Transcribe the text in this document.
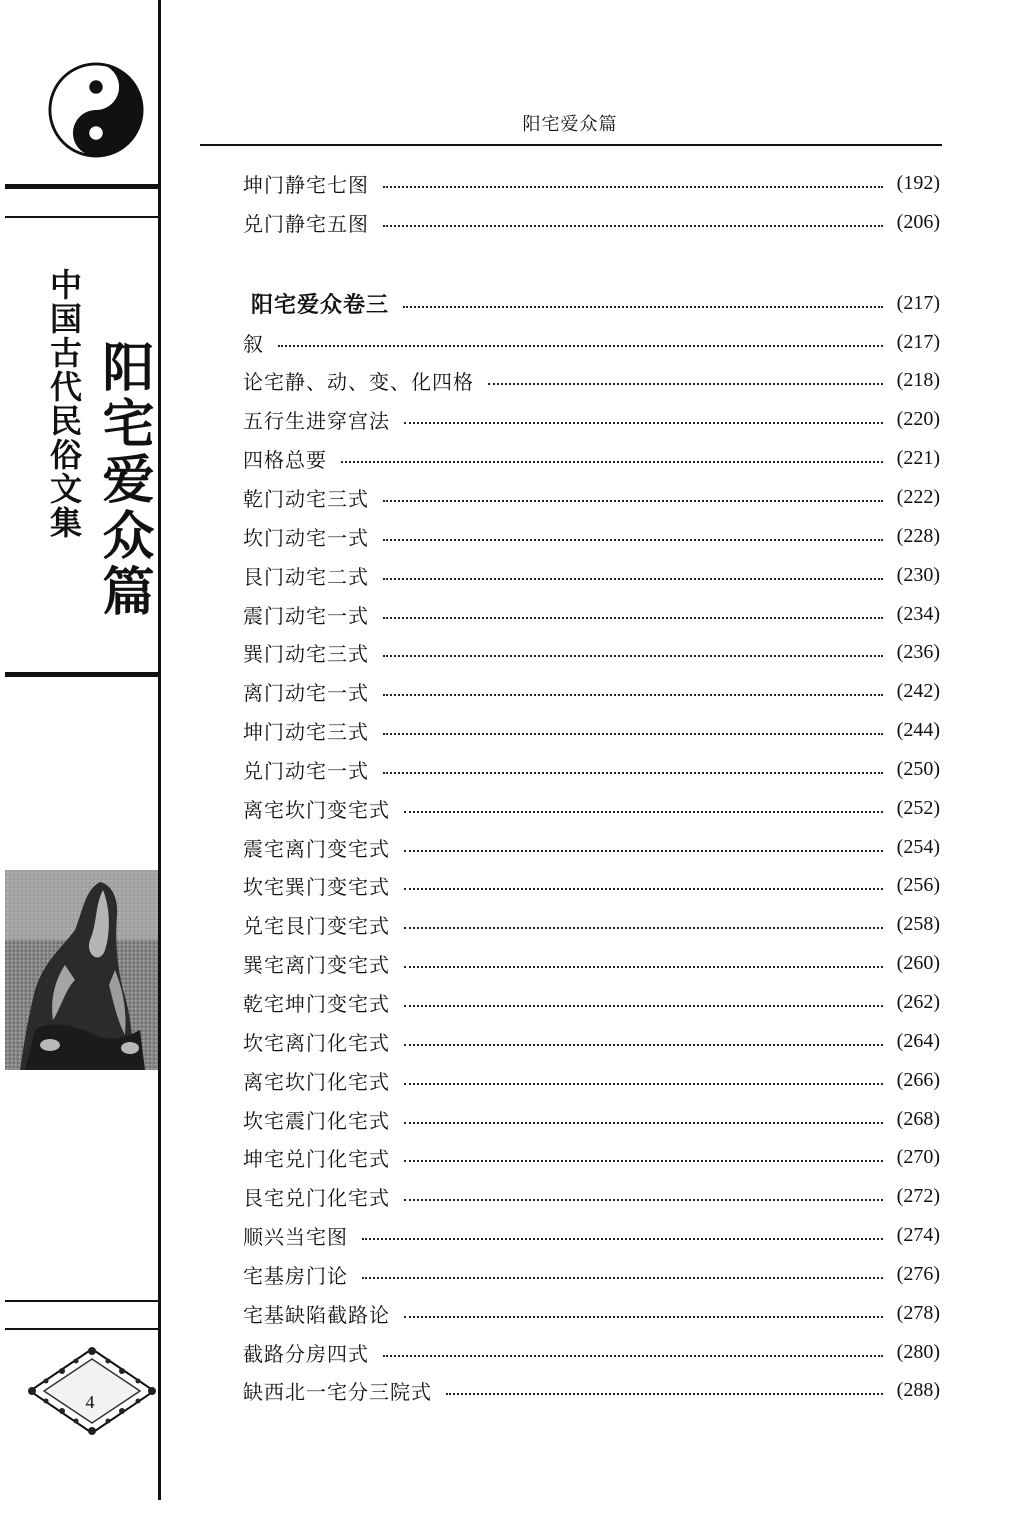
中国古代民俗文集 阳宅爱众篇
4
阳宅爱众篇
坤门静宅七图	(192)
兑门静宅五图	(206)
阳宅爱众卷三	(217)
叙	(217)
论宅静、动、变、化四格	(218)
五行生进穿宫法	(220)
四格总要	(221)
乾门动宅三式	(222)
坎门动宅一式	(228)
艮门动宅二式	(230)
震门动宅一式	(234)
巽门动宅三式	(236)
离门动宅一式	(242)
坤门动宅三式	(244)
兑门动宅一式	(250)
离宅坎门变宅式	(252)
震宅离门变宅式	(254)
坎宅巽门变宅式	(256)
兑宅艮门变宅式	(258)
巽宅离门变宅式	(260)
乾宅坤门变宅式	(262)
坎宅离门化宅式	(264)
离宅坎门化宅式	(266)
坎宅震门化宅式	(268)
坤宅兑门化宅式	(270)
艮宅兑门化宅式	(272)
顺兴当宅图	(274)
宅基房门论	(276)
宅基缺陷截路论	(278)
截路分房四式	(280)
缺西北一宅分三院式	(288)
